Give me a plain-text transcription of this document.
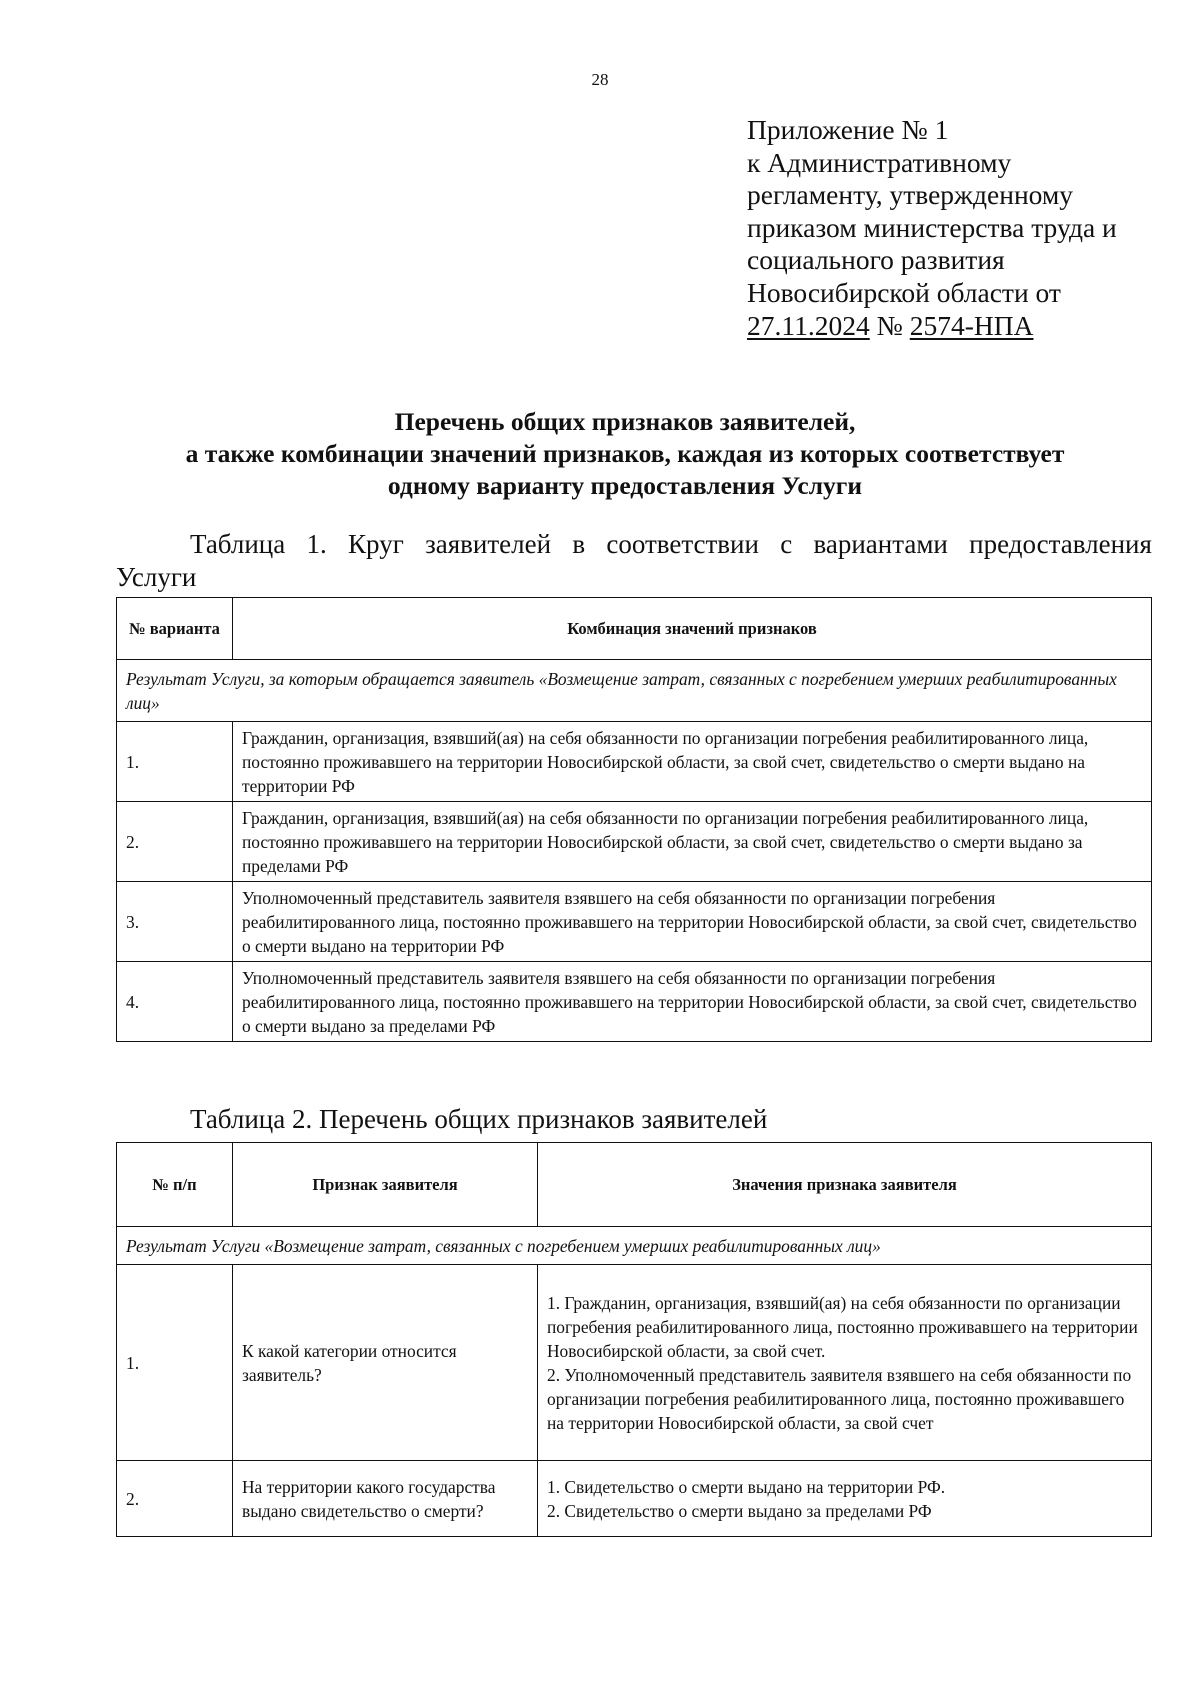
28
Приложение № 1
к Административному
регламенту, утвержденному
приказом министерства труда и
социального развития
Новосибирской области от
27.11.2024 № 2574-НПА
Перечень общих признаков заявителей,
а также комбинации значений признаков, каждая из которых соответствует
одному варианту предоставления Услуги
Таблица 1. Круг заявителей в соответствии с вариантами предоставления
Услуги
№ варианта	Комбинация значений признаков
Результат Услуги, за которым обращается заявитель «Возмещение затрат, связанных с погребением умерших реабилитированных лиц»	
1.	Гражданин, организация, взявший(ая) на себя обязанности по организации погребения реабилитированного лица, постоянно проживавшего на территории Новосибирской области, за свой счет, свидетельство о смерти выдано на территории РФ
2.	Гражданин, организация, взявший(ая) на себя обязанности по организации погребения реабилитированного лица, постоянно проживавшего на территории Новосибирской области, за свой счет, свидетельство о смерти выдано за пределами РФ
3.	Уполномоченный представитель заявителя взявшего на себя обязанности по организации погребения реабилитированного лица, постоянно проживавшего на территории Новосибирской области, за свой счет, свидетельство о смерти выдано на территории РФ
4.	Уполномоченный представитель заявителя взявшего на себя обязанности по организации погребения реабилитированного лица, постоянно проживавшего на территории Новосибирской области, за свой счет, свидетельство о смерти выдано за пределами РФ
Таблица 2. Перечень общих признаков заявителей
№ п/п	Признак заявителя	Значения признака заявителя
Результат Услуги «Возмещение затрат, связанных с погребением умерших реабилитированных лиц»		
1.	К какой категории относится заявитель?	1. Гражданин, организация, взявший(ая) на себя обязанности по организации погребения реабилитированного лица, постоянно проживавшего на территории Новосибирской области, за свой счет.
2. Уполномоченный представитель заявителя взявшего на себя обязанности по организации погребения реабилитированного лица, постоянно проживавшего на территории Новосибирской области, за свой счет

2.	На территории какого государства выдано свидетельство о смерти?	1. Свидетельство о смерти выдано на территории РФ.
2. Свидетельство о смерти выдано за пределами РФ
